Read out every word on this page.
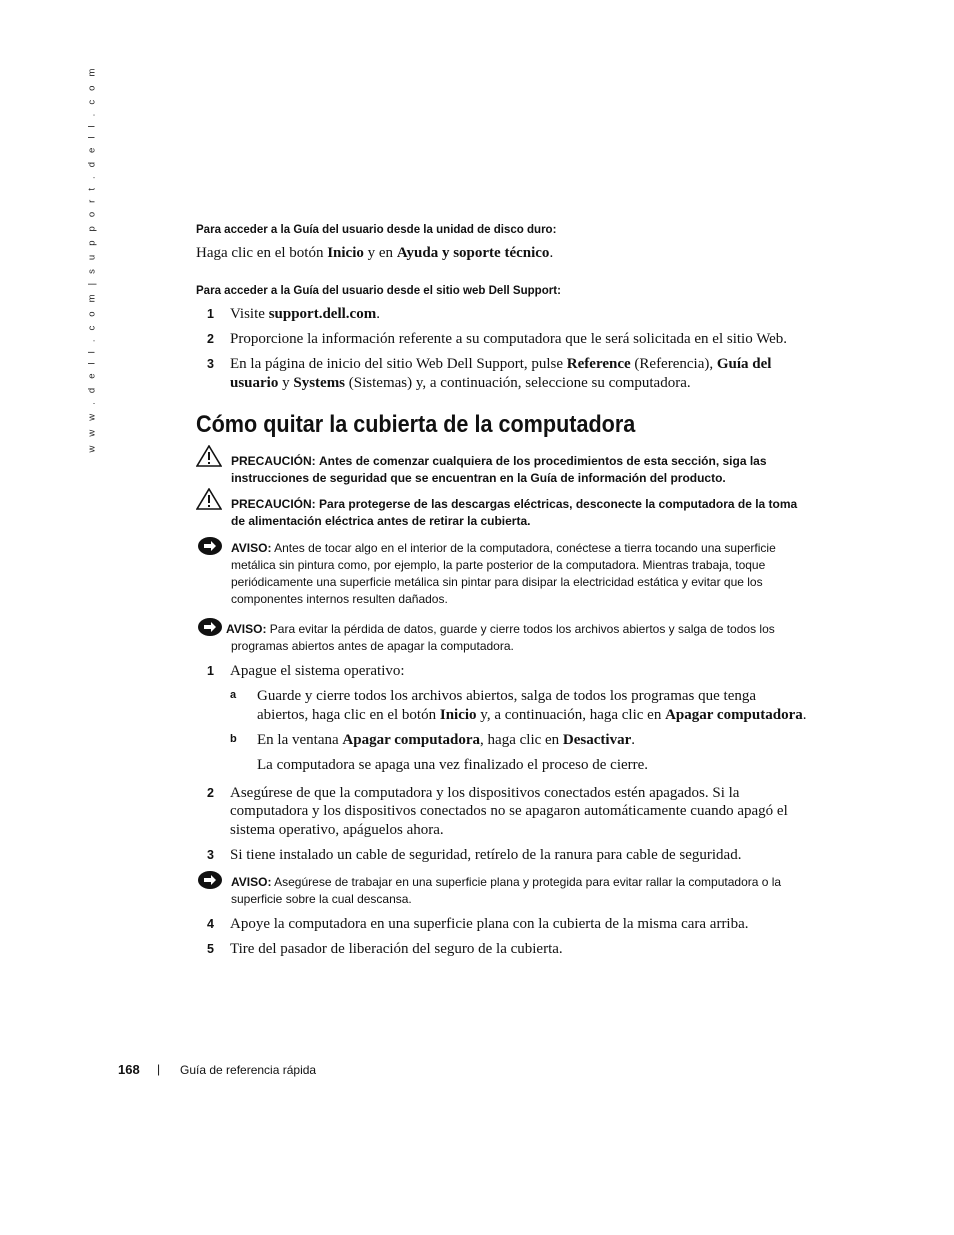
w w w . d e l l . c o m | s u p p o r t . d e l l . c o m	Para acceder a la Guía del usuario desde la unidad de disco duro:
Haga clic en el botón Inicio y en Ayuda y soporte técnico.
Para acceder a la Guía del usuario desde el sitio web Dell Support:
1 Visite support.dell.com.
2 Proporcione la información referente a su computadora que le será solicitada en el sitio Web.
3 En la página de inicio del sitio Web Dell Support, pulse Reference (Referencia), Guía del
usuario y Systems (Sistemas) y, a continuación, seleccione su computadora.
Cómo quitar la cubierta de la computadora
PRECAUCIÓN: Antes de comenzar cualquiera de los procedimientos de esta sección, siga las
instrucciones de seguridad que se encuentran en la Guía de información del producto.
PRECAUCIÓN: Para protegerse de las descargas eléctricas, desconecte la computadora de la toma
de alimentación eléctrica antes de retirar la cubierta.
AVISO: Antes de tocar algo en el interior de la computadora, conéctese a tierra tocando una superficie
metálica sin pintura como, por ejemplo, la parte posterior de la computadora. Mientras trabaja, toque
periódicamente una superficie metálica sin pintar para disipar la electricidad estática y evitar que los
componentes internos resulten dañados.
AVISO: Para evitar la pérdida de datos, guarde y cierre todos los archivos abiertos y salga de todos los
programas abiertos antes de apagar la computadora.
1 Apague el sistema operativo:
a Guarde y cierre todos los archivos abiertos, salga de todos los programas que tenga
abiertos, haga clic en el botón Inicio y, a continuación, haga clic en Apagar computadora.
b En la ventana Apagar computadora, haga clic en Desactivar.
La computadora se apaga una vez finalizado el proceso de cierre.
2 Asegúrese de que la computadora y los dispositivos conectados estén apagados. Si la
computadora y los dispositivos conectados no se apagaron automáticamente cuando apagó el
sistema operativo, apáguelos ahora.
3 Si tiene instalado un cable de seguridad, retírelo de la ranura para cable de seguridad.
AVISO: Asegúrese de trabajar en una superficie plana y protegida para evitar rallar la computadora o la
superficie sobre la cual descansa.
4 Apoye la computadora en una superficie plana con la cubierta de la misma cara arriba.
5 Tire del pasador de liberación del seguro de la cubierta.
168 | Guía de referencia rápida
